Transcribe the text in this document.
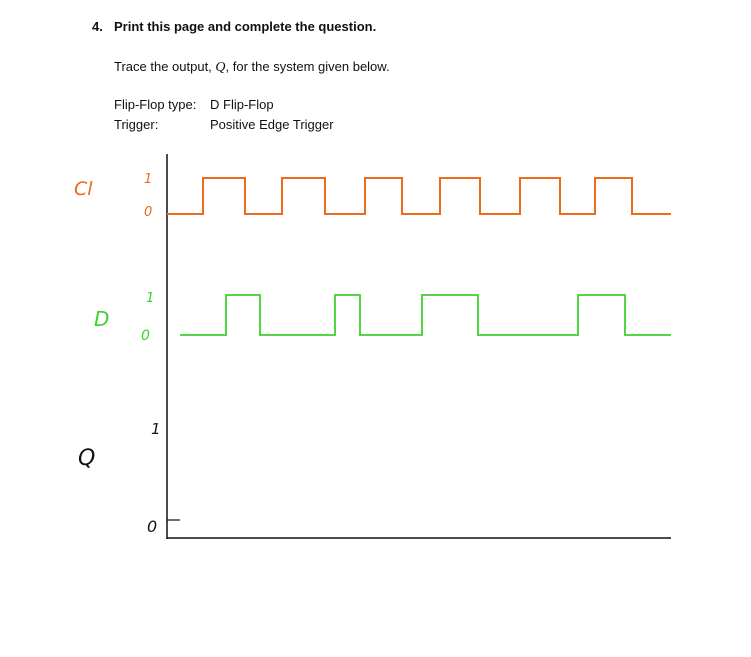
4. Print this page and complete the question.
Trace the output, Q, for the system given below.
Flip-Flop type: D Flip-Flop
Trigger:	Positive Edge Trigger
Cl	1
0
D
1
0
Q
1
0
